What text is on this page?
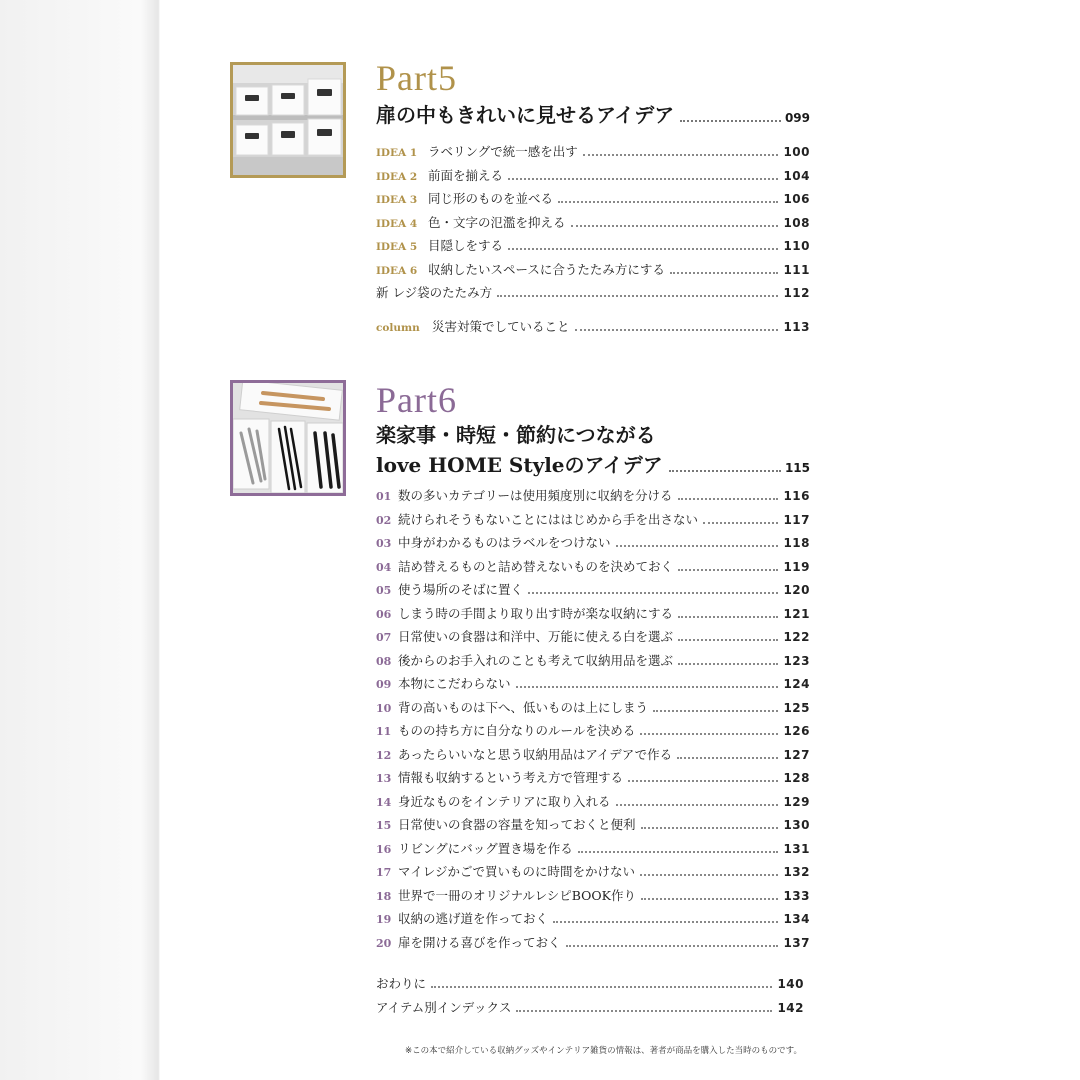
Part5
扉の中もきれいに見せるアイデア	099
IDEA 1 ラベリングで統一感を出す	100
IDEA 2 前面を揃える	104
IDEA 3 同じ形のものを並べる	106
IDEA 4 色・文字の氾濫を抑える	108
IDEA 5 目隠しをする	110
IDEA 6 収納したいスペースに合うたたみ方にする	111
新 レジ袋のたたみ方	112
column 災害対策でしていること	113
Part6
楽家事・時短・節約につながる
love HOME Styleのアイデア	115
01 数の多いカテゴリーは使用頻度別に収納を分ける	116
02 続けられそうもないことにははじめから手を出さない	117
03 中身がわかるものはラベルをつけない	118
04 詰め替えるものと詰め替えないものを決めておく	119
05 使う場所のそばに置く	120
06 しまう時の手間より取り出す時が楽な収納にする	121
07 日常使いの食器は和洋中、万能に使える白を選ぶ	122
08 後からのお手入れのことも考えて収納用品を選ぶ	123
09 本物にこだわらない	124
10 背の高いものは下へ、低いものは上にしまう	125
11 ものの持ち方に自分なりのルールを決める	126
12 あったらいいなと思う収納用品はアイデアで作る	127
13 情報も収納するという考え方で管理する	128
14 身近なものをインテリアに取り入れる	129
15 日常使いの食器の容量を知っておくと便利	130
16 リビングにバッグ置き場を作る	131
17 マイレジかごで買いものに時間をかけない	132
18 世界で一冊のオリジナルレシピBOOK作り	133
19 収納の逃げ道を作っておく	134
20 扉を開ける喜びを作っておく	137
おわりに	140
アイテム別インデックス	142
※この本で紹介している収納グッズやインテリア雑貨の情報は、著者が商品を購入した当時のものです。
